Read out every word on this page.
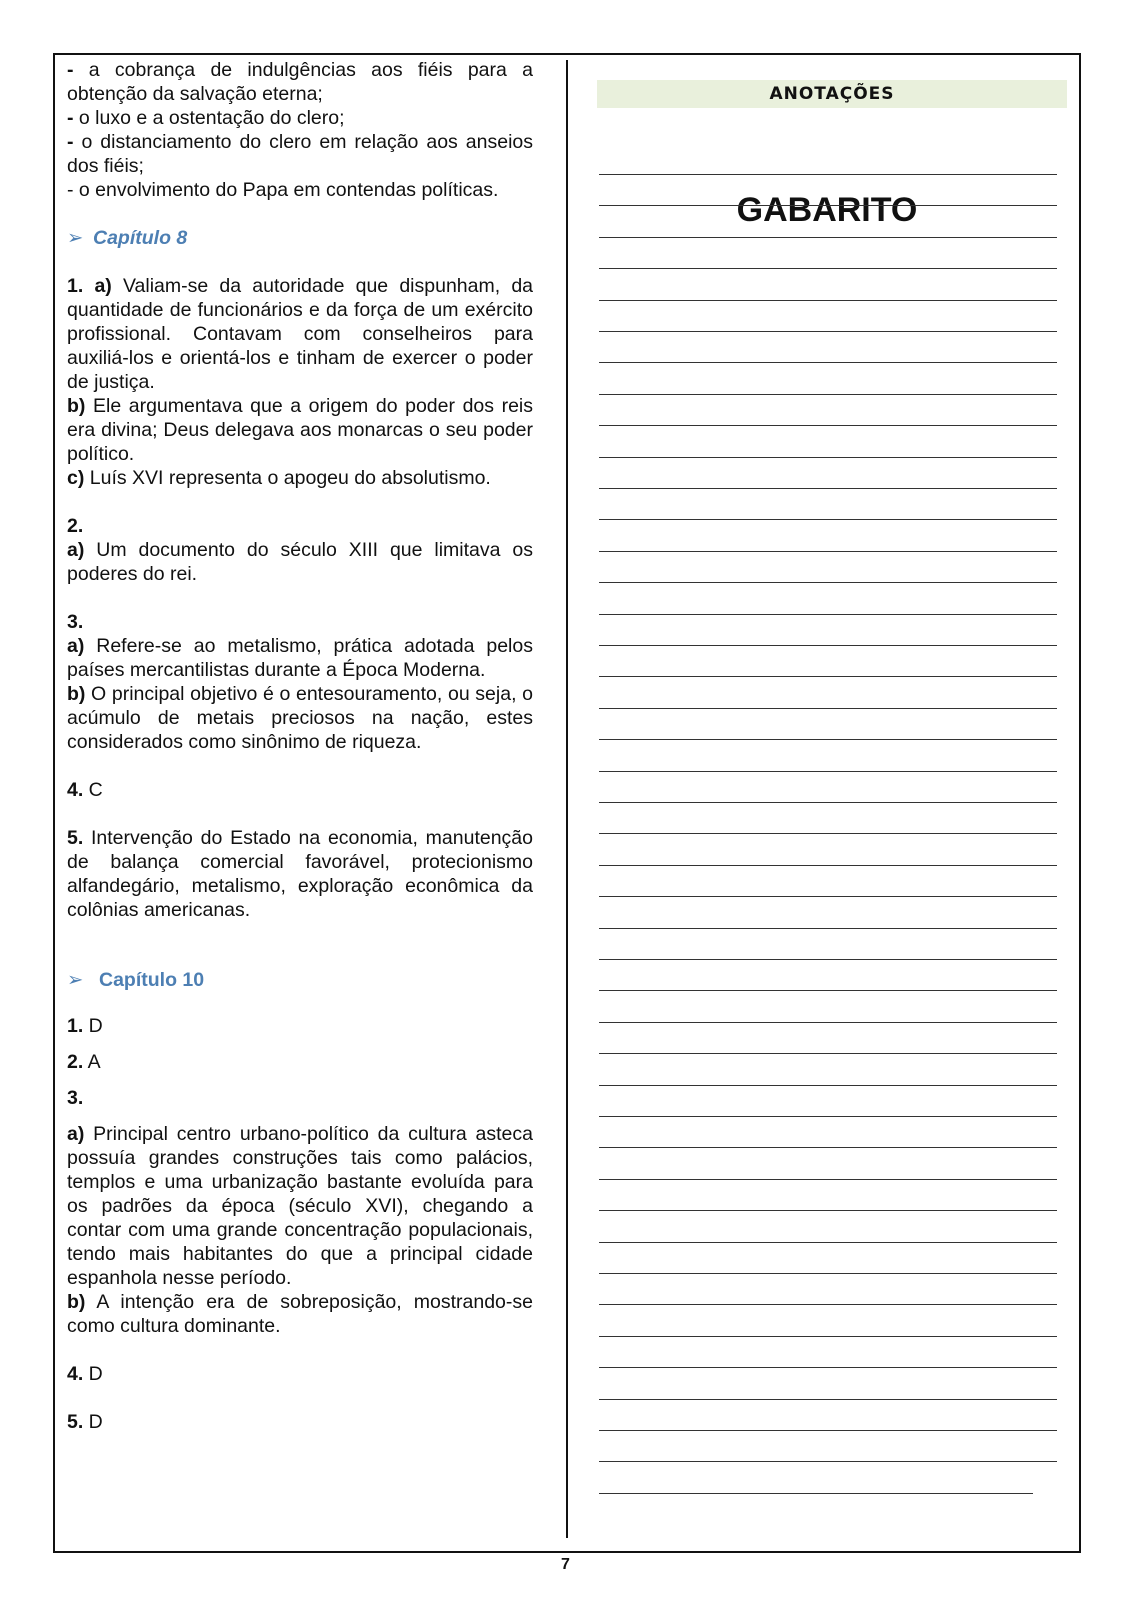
- a cobrança de indulgências aos fiéis para a obtenção da salvação eterna;

- o luxo e a ostentação do clero;

- o distanciamento do clero em relação aos anseios dos fiéis;

- o envolvimento do Papa em contendas políticas.

➢ Capítulo 8

1. a) Valiam-se da autoridade que dispunham, da quantidade de funcionários e da força de um exército profissional. Contavam com conselheiros para auxiliá-los e orientá-los e tinham de exercer o poder de justiça.

b) Ele argumentava que a origem do poder dos reis era divina; Deus delegava aos monarcas o seu poder político.

c) Luís XVI representa o apogeu do absolutismo.

2.

a) Um documento do século XIII que limitava os poderes do rei.

3.

a) Refere-se ao metalismo, prática adotada pelos países mercantilistas durante a Época Moderna.

b) O principal objetivo é o entesouramento, ou seja, o acúmulo de metais preciosos na nação, estes considerados como sinônimo de riqueza.

4. C

5. Intervenção do Estado na economia, manutenção de balança comercial favorável, protecionismo alfandegário, metalismo, exploração econômica da colônias americanas.

➢ Capítulo 10

1. D

2. A

3.

a) Principal centro urbano-político da cultura asteca possuía grandes construções tais como palácios, templos e uma urbanização bastante evoluída para os padrões da época (século XVI), chegando a contar com uma grande concentração populacionais, tendo mais habitantes do que a principal cidade espanhola nesse período.

b) A intenção era de sobreposição, mostrando-se como cultura dominante.

4. D

5. D

ANOTAÇÕES
GABARITO
7
